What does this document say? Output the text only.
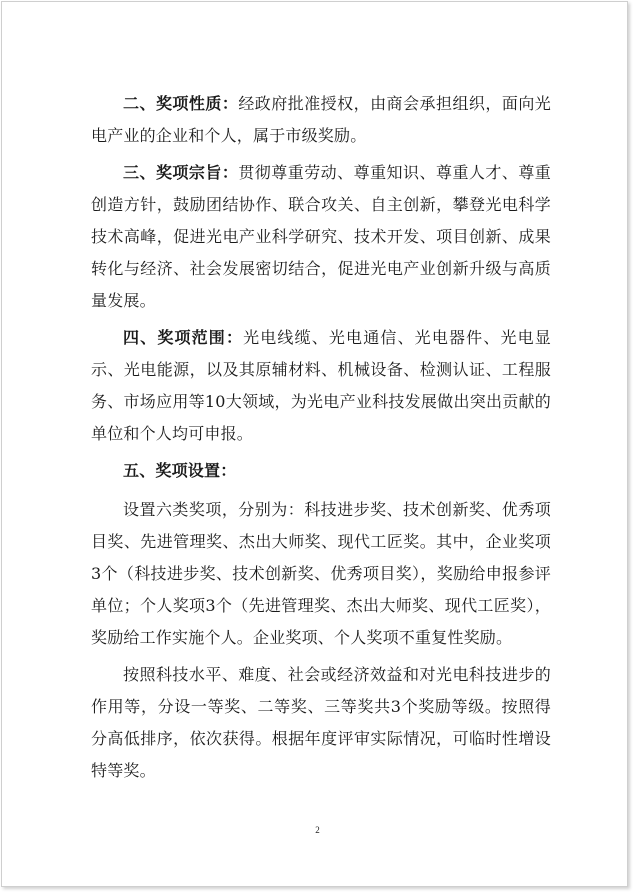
二、奖项性质：经政府批准授权，由商会承担组织，面向光电产业的企业和个人，属于市级奖励。

三、奖项宗旨：贯彻尊重劳动、尊重知识、尊重人才、尊重创造方针，鼓励团结协作、联合攻关、自主创新，攀登光电科学技术高峰，促进光电产业科学研究、技术开发、项目创新、成果转化与经济、社会发展密切结合，促进光电产业创新升级与高质量发展。

四、奖项范围：光电线缆、光电通信、光电器件、光电显示、光电能源，以及其原辅材料、机械设备、检测认证、工程服务、市场应用等10大领域，为光电产业科技发展做出突出贡献的单位和个人均可申报。

五、奖项设置：

设置六类奖项，分别为：科技进步奖、技术创新奖、优秀项目奖、先进管理奖、杰出大师奖、现代工匠奖。其中，企业奖项3个（科技进步奖、技术创新奖、优秀项目奖），奖励给申报参评单位；个人奖项3个（先进管理奖、杰出大师奖、现代工匠奖），奖励给工作实施个人。企业奖项、个人奖项不重复性奖励。

按照科技水平、难度、社会或经济效益和对光电科技进步的作用等，分设一等奖、二等奖、三等奖共3个奖励等级。按照得分高低排序，依次获得。根据年度评审实际情况，可临时性增设特等奖。

2
